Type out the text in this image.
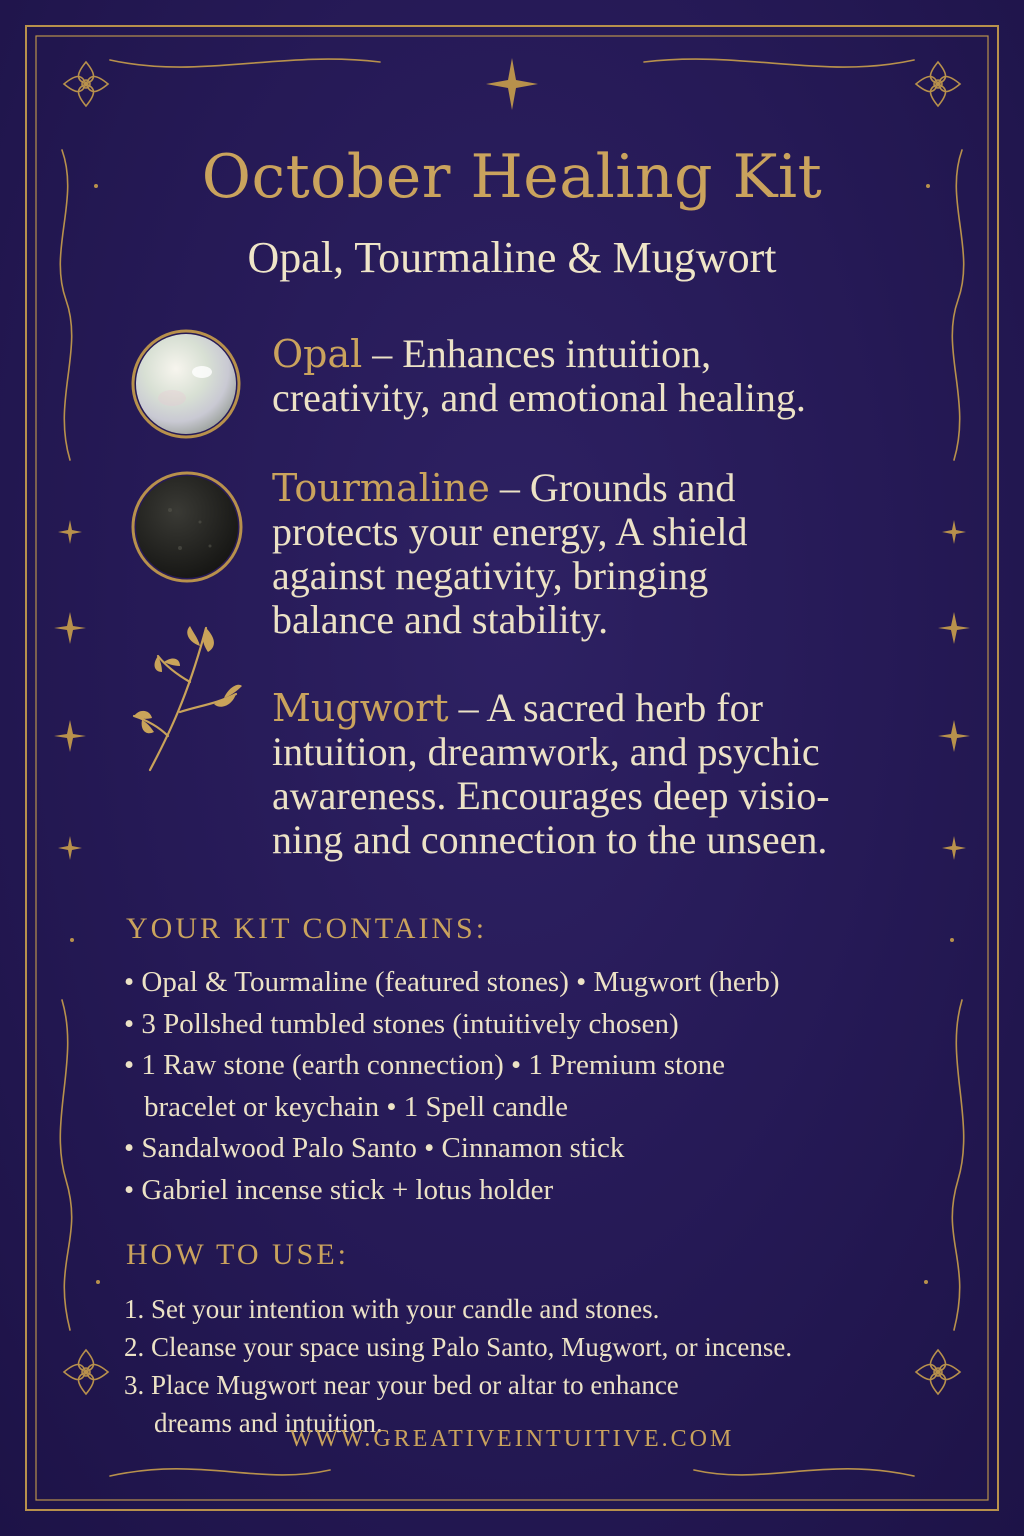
October Healing Kit
Opal, Tourmaline & Mugwort
Opal – Enhances intuition,
creativity, and emotional healing.
Tourmaline – Grounds and
protects your energy, A shield
against negativity, bringing
balance and stability.
Mugwort – A sacred herb for
intuition, dreamwork, and psychic
awareness. Encourages deep visio-
ning and connection to the unseen.
YOUR KIT CONTAINS:
• Opal & Tourmaline (featured stones) • Mugwort (herb)
• 3 Pollshed tumbled stones (intuitively chosen)
• 1 Raw stone (earth connection) • 1 Premium stone
bracelet or keychain • 1 Spell candle
• Sandalwood Palo Santo • Cinnamon stick
• Gabriel incense stick + lotus holder
HOW TO USE:
1. Set your intention with your candle and stones.
2. Cleanse your space using Palo Santo, Mugwort, or incense.
3. Place Mugwort near your bed or altar to enhance
dreams and intuition.
WWW.GREATIVEINTUITIVE.COM
